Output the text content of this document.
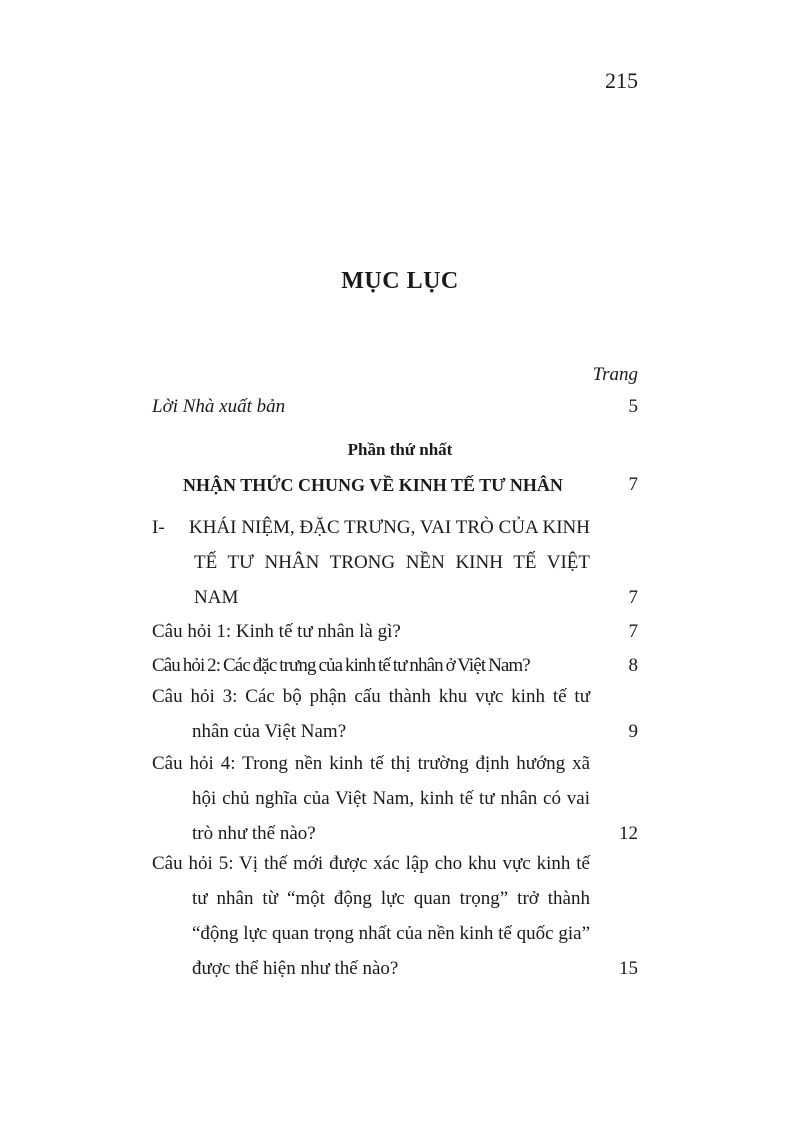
215
MỤC LỤC
Trang
Lời Nhà xuất bản	5
Phần thứ nhất
NHẬN THỨC CHUNG VỀ KINH TẾ TƯ NHÂN	7
I-     KHÁI NIỆM, ĐẶC TRƯNG, VAI TRÒ CỦA KINH TẾ TƯ NHÂN TRONG NỀN KINH TẾ VIỆT NAM	7
Câu hỏi 1: Kinh tế tư nhân là gì?	7
Câu hỏi 2: Các đặc trưng của kinh tế tư nhân ở Việt Nam?	8
Câu hỏi 3: Các bộ phận cấu thành khu vực kinh tế tư nhân của Việt Nam?	9
Câu hỏi 4: Trong nền kinh tế thị trường định hướng xã hội chủ nghĩa của Việt Nam, kinh tế tư nhân có vai trò như thế nào?	12
Câu hỏi 5: Vị thế mới được xác lập cho khu vực kinh tế tư nhân từ “một động lực quan trọng” trở thành “động lực quan trọng nhất của nền kinh tế quốc gia” được thể hiện như thế nào?	15
